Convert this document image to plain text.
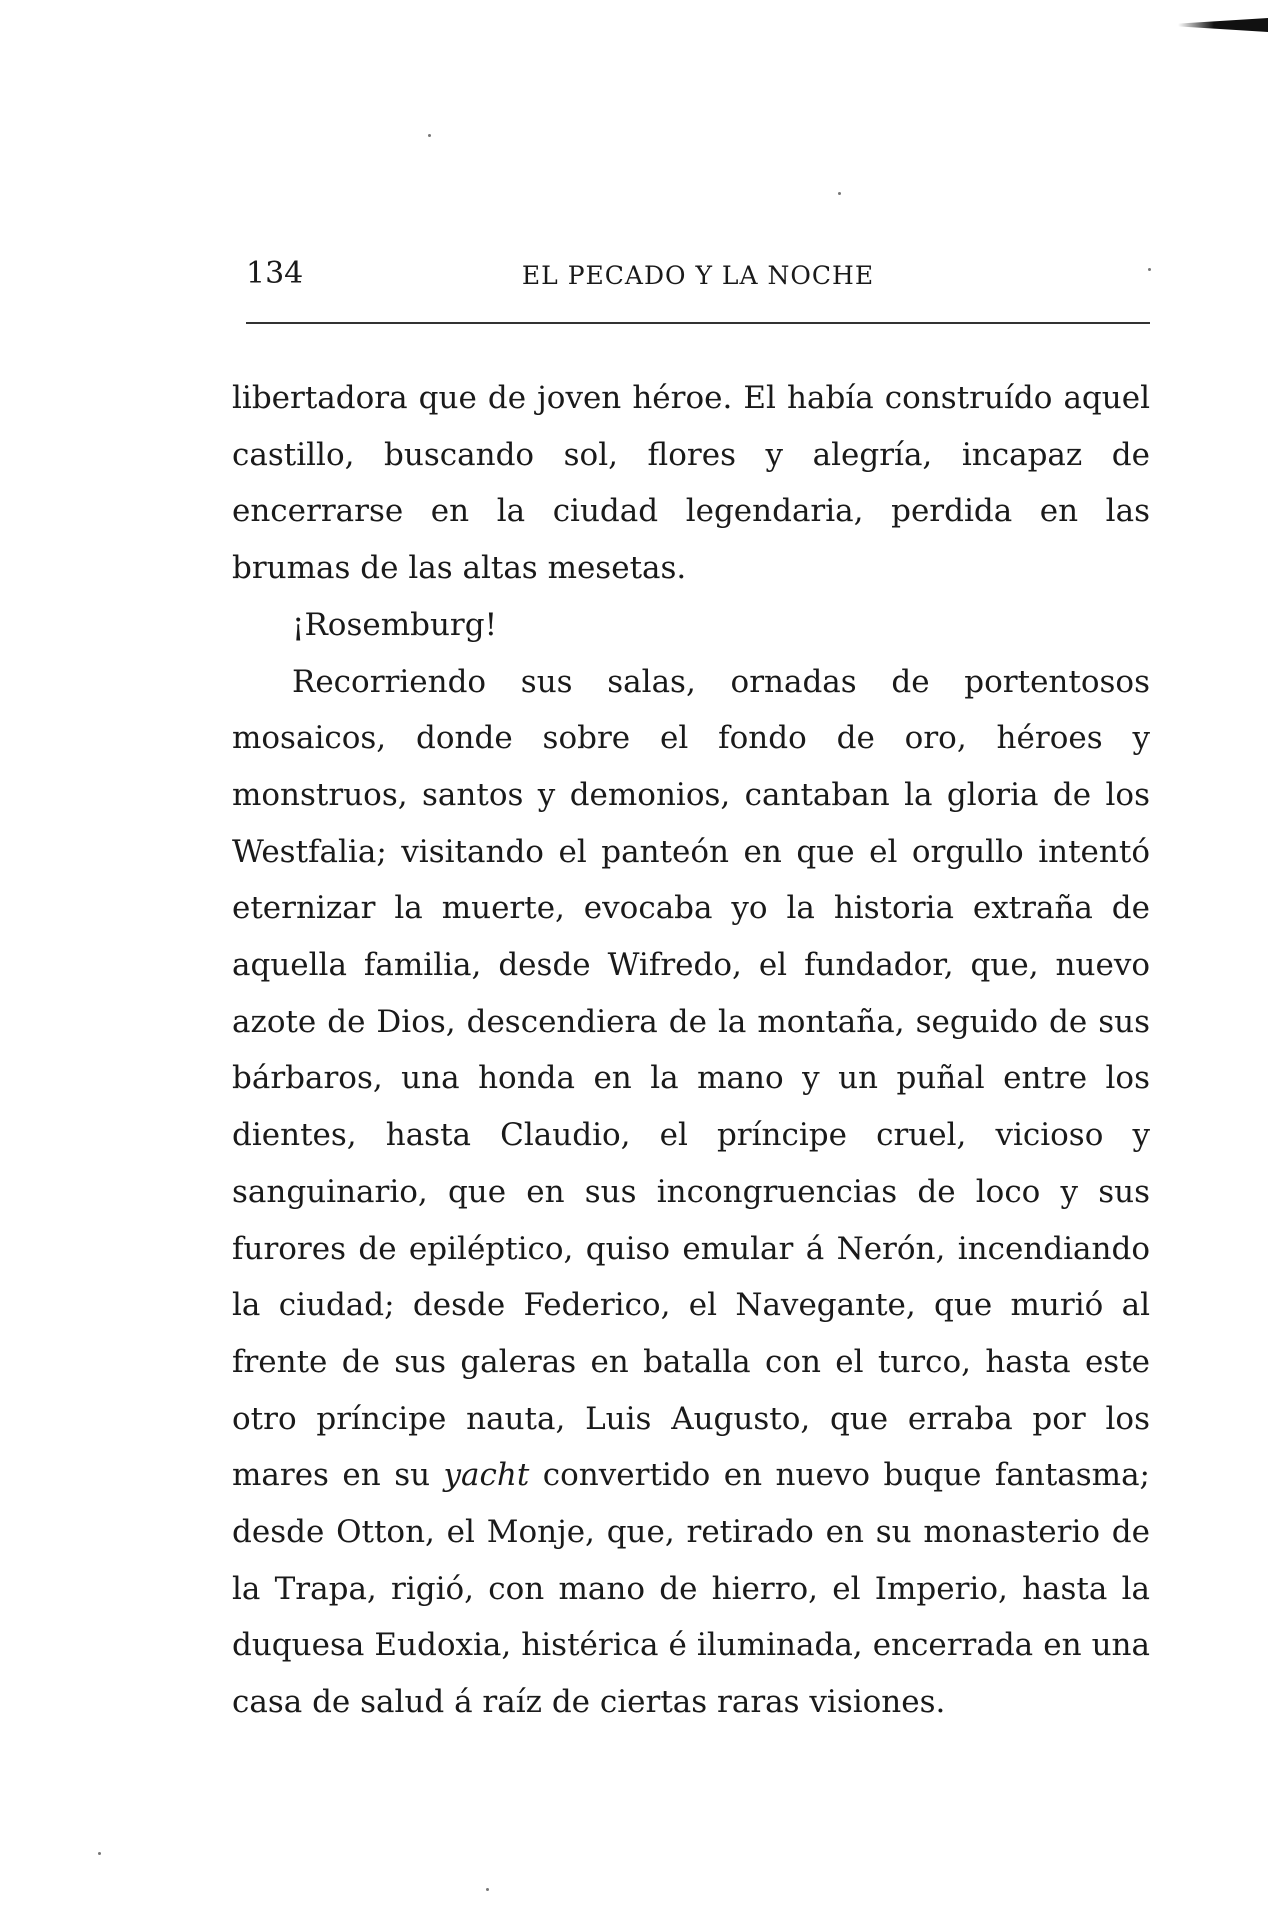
134	EL PECADO Y LA NOCHE

libertadora que de joven héroe. El había construído aquel castillo, buscando sol, flores y alegría, incapaz de encerrarse en la ciudad legendaria, perdida en las brumas de las altas mesetas.

¡Rosemburg!

Recorriendo sus salas, ornadas de portentosos mosaicos, donde sobre el fondo de oro, héroes y monstruos, santos y demonios, cantaban la gloria de los Westfalia; visitando el panteón en que el orgullo intentó eternizar la muerte, evocaba yo la historia extraña de aquella familia, desde Wifredo, el fundador, que, nuevo azote de Dios, descendiera de la montaña, seguido de sus bárbaros, una honda en la mano y un puñal entre los dientes, hasta Claudio, el príncipe cruel, vicioso y sanguinario, que en sus incongruencias de loco y sus furores de epiléptico, quiso emular á Nerón, incendiando la ciudad; desde Federico, el Navegante, que murió al frente de sus galeras en batalla con el turco, hasta este otro príncipe nauta, Luis Augusto, que erraba por los mares en su yacht convertido en nuevo buque fantasma; desde Otton, el Monje, que, retirado en su monasterio de la Trapa, rigió, con mano de hierro, el Imperio, hasta la duquesa Eudoxia, histérica é iluminada, encerrada en una casa de salud á raíz de ciertas raras visiones.
